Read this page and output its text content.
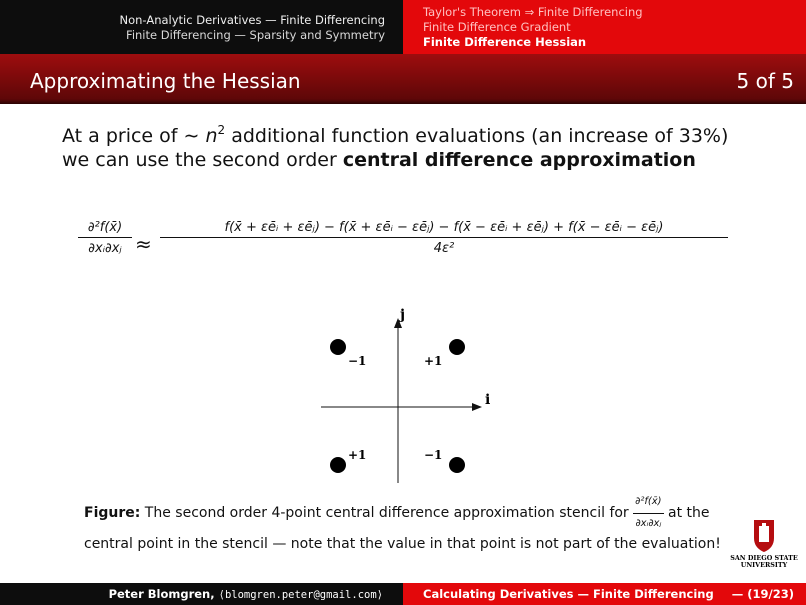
Non-Analytic Derivatives — Finite Differencing
Finite Differencing — Sparsity and Symmetry
Taylor's Theorem ⇒ Finite Differencing
Finite Difference Gradient
Finite Difference Hessian
Approximating the Hessian	5 of 5
At a price of ∼ $n^2$ additional function evaluations (an increase of 33%) we can use the second order central difference approximation
∂²f(x̄)
∂xᵢ∂xⱼ ≈
f(x̄ + εēᵢ + εēⱼ) − f(x̄ + εēᵢ − εēⱼ) − f(x̄ − εēᵢ + εēⱼ) + f(x̄ − εēᵢ − εēⱼ)
4ε²
i
j
−1	+1
+1	−1
Figure: The second order 4-point central difference approximation stencil for $\frac{\text{∂²f(x̄)}}{\text{∂xᵢ∂xⱼ}}$ at the central point in the stencil — note that the value in that point is not part of the evaluation!
SAN DIEGO STATE
UNIVERSITY
Peter Blomgren, ⟨blomgren.peter@gmail.com⟩	Calculating Derivatives — Finite Differencing — (19/23)
